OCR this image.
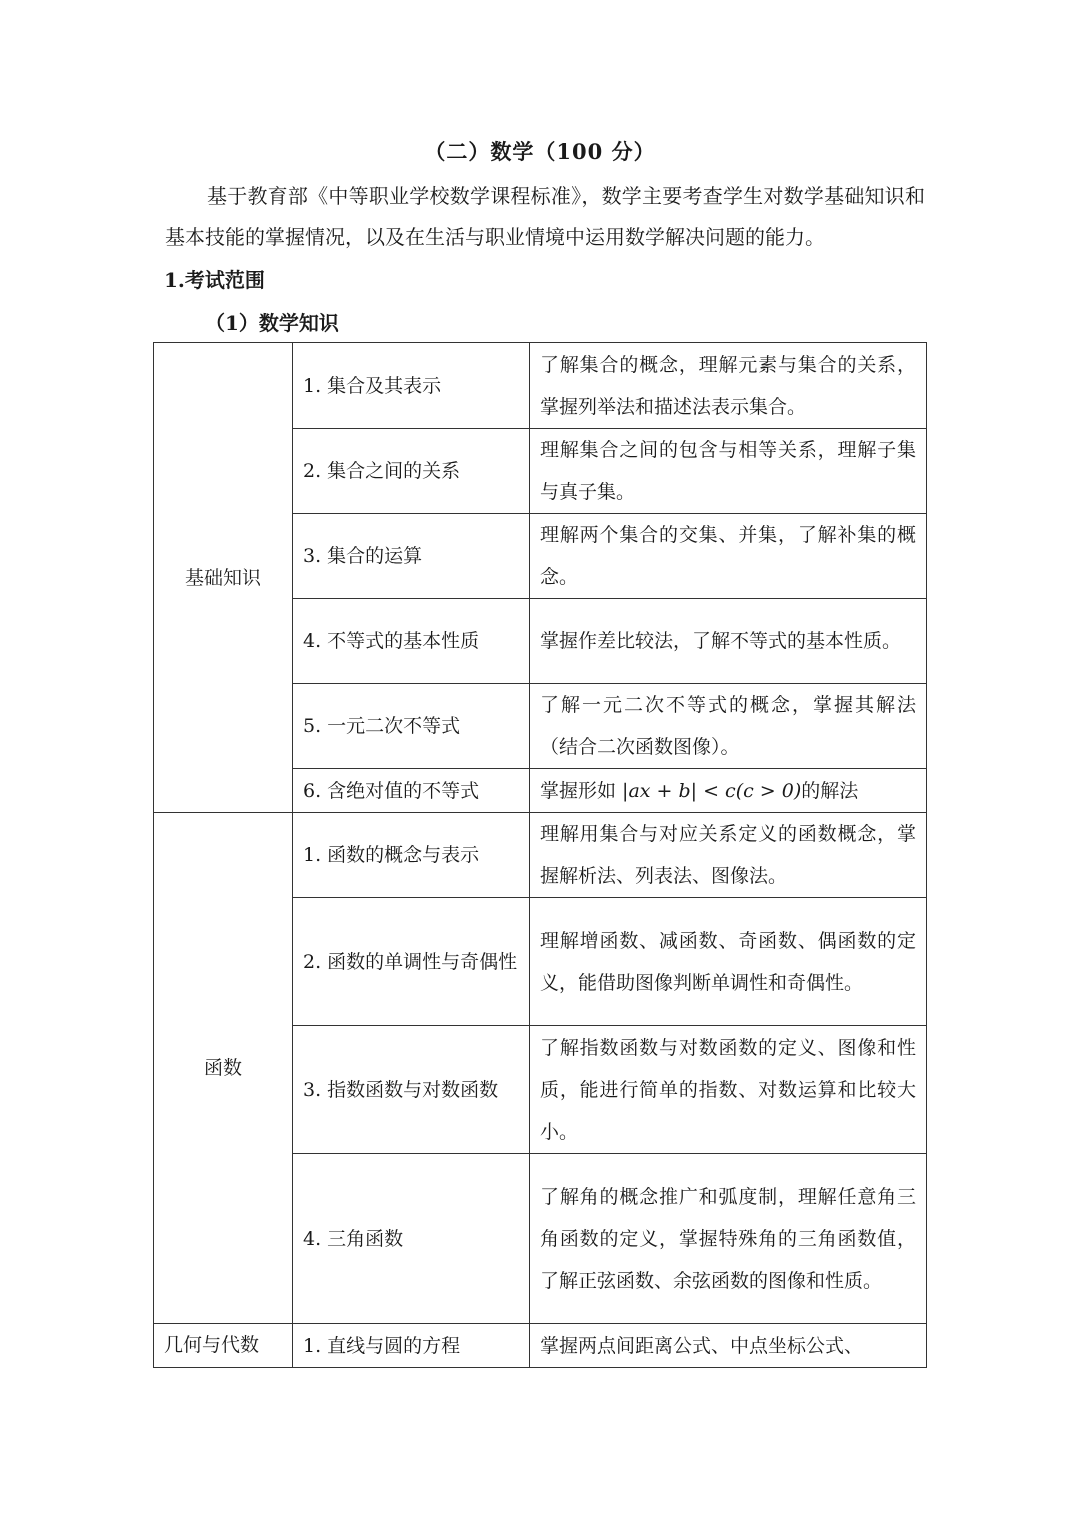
（二）数学（100 分）

基于教育部《中等职业学校数学课程标准》，数学主要考查学生对数学基础知识和基本技能的掌握情况，以及在生活与职业情境中运用数学解决问题的能力。

1.考试范围
（1）数学知识
基础知识	1. 集合及其表示	了解集合的概念，理解元素与集合的关系，掌握列举法和描述法表示集合。
	2. 集合之间的关系	理解集合之间的包含与相等关系，理解子集与真子集。
	3. 集合的运算	理解两个集合的交集、并集，了解补集的概念。
	4. 不等式的基本性质	掌握作差比较法，了解不等式的基本性质。
	5. 一元二次不等式	了解一元二次不等式的概念，掌握其解法（结合二次函数图像）。
	6. 含绝对值的不等式	掌握形如 |ax + b| < c(c > 0)的解法
函数	1. 函数的概念与表示	理解用集合与对应关系定义的函数概念，掌握解析法、列表法、图像法。
	2. 函数的单调性与奇偶性	理解增函数、减函数、奇函数、偶函数的定义，能借助图像判断单调性和奇偶性。
	3. 指数函数与对数函数	了解指数函数与对数函数的定义、图像和性质，能进行简单的指数、对数运算和比较大小。
	4. 三角函数	了解角的概念推广和弧度制，理解任意角三角函数的定义，掌握特殊角的三角函数值，了解正弦函数、余弦函数的图像和性质。
几何与代数	1. 直线与圆的方程	掌握两点间距离公式、中点坐标公式、
